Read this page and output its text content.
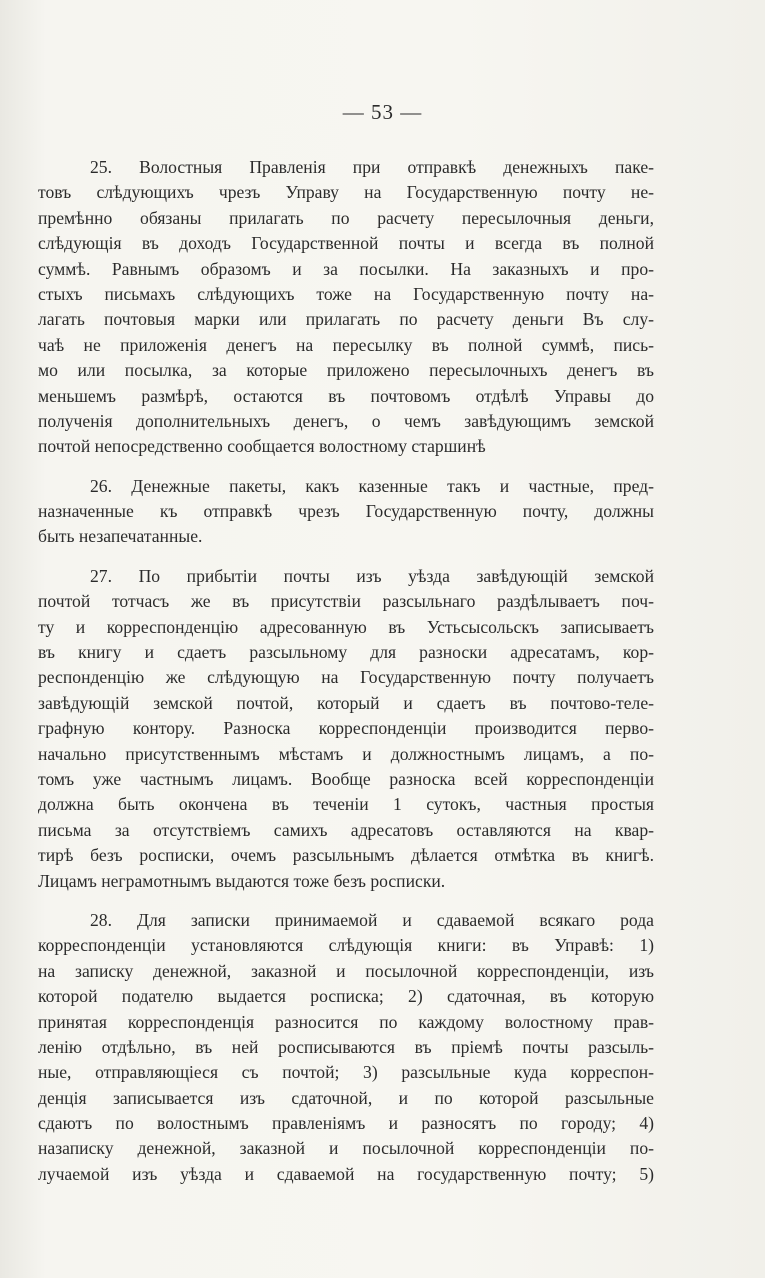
— 53 —
25. Волостныя Правленія при отправкѣ денежныхъ паке-
товъ слѣдующихъ чрезъ Управу на Государственную почту не-
премѣнно обязаны прилагать по расчету пересылочныя деньги,
слѣдующія въ доходъ Государственной почты и всегда въ полной
суммѣ. Равнымъ образомъ и за посылки. На заказныхъ и про-
стыхъ письмахъ слѣдующихъ тоже на Государственную почту на-
лагать почтовыя марки или прилагать по расчету деньги Въ слу-
чаѣ не приложенія денегъ на пересылку въ полной суммѣ, пись-
мо или посылка, за которые приложено пересылочныхъ денегъ въ
меньшемъ размѣрѣ, остаются въ почтовомъ отдѣлѣ Управы до
полученія дополнительныхъ денегъ, о чемъ завѣдующимъ земской
почтой непосредственно сообщается волостному старшинѣ
26. Денежные пакеты, какъ казенные такъ и частные, пред-
назначенные къ отправкѣ чрезъ Государственную почту, должны
быть незапечатанные.
27. По прибытіи почты изъ уѣзда завѣдующій земской
почтой тотчасъ же въ присутствіи разсыльнаго раздѣлываетъ поч-
ту и корреспонденцію адресованную въ Устьсысольскъ записываетъ
въ книгу и сдаетъ разсыльному для разноски адресатамъ, кор-
респонденцію же слѣдующую на Государственную почту получаетъ
завѣдующій земской почтой, который и сдаетъ въ почтово-теле-
графную контору. Разноска корреспонденціи производится перво-
начально присутственнымъ мѣстамъ и должностнымъ лицамъ, а по-
томъ уже частнымъ лицамъ. Вообще разноска всей корреспонденціи
должна быть окончена въ теченіи 1 сутокъ, частныя простыя
письма за отсутствіемъ самихъ адресатовъ оставляются на квар-
тирѣ безъ росписки, очемъ разсыльнымъ дѣлается отмѣтка въ книгѣ.
Лицамъ неграмотнымъ выдаются тоже безъ росписки.
28. Для записки принимаемой и сдаваемой всякаго рода
корреспонденціи установляются слѣдующія книги: въ Управѣ: 1)
на записку денежной, заказной и посылочной корреспонденціи, изъ
которой подателю выдается росписка; 2) сдаточная, въ которую
принятая корреспонденція разносится по каждому волостному прав-
ленію отдѣльно, въ ней росписываются въ пріемѣ почты разсыль-
ные, отправляющіеся съ почтой; 3) разсыльные куда корреспон-
денція записывается изъ сдаточной, и по которой разсыльные
сдаютъ по волостнымъ правленіямъ и разносятъ по городу; 4)
назаписку денежной, заказной и посылочной корреспонденціи по-
лучаемой изъ уѣзда и сдаваемой на государственную почту; 5)
